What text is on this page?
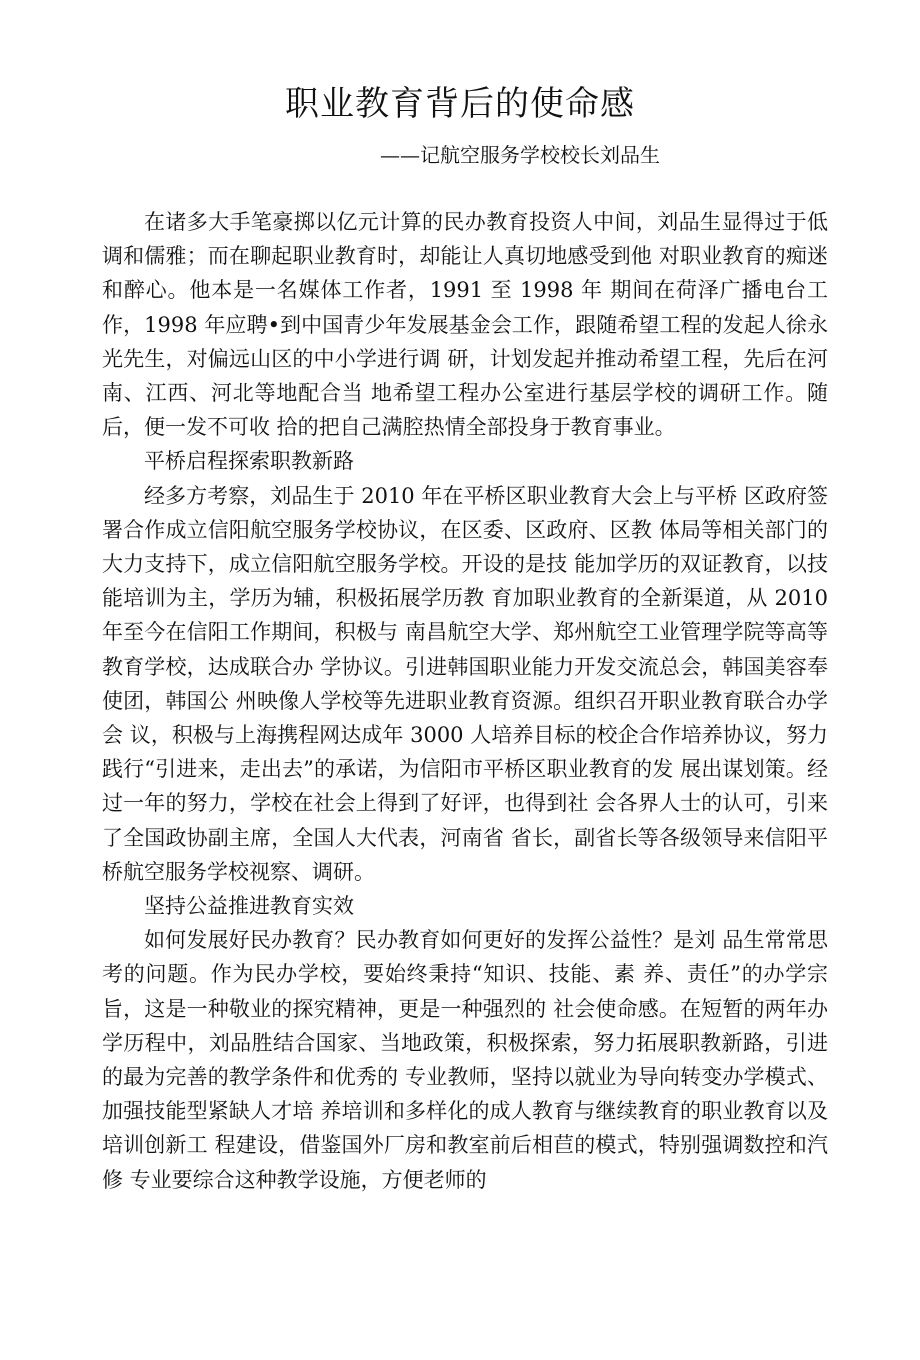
职业教育背后的使命感

——记航空服务学校校长刘品生

在诸多大手笔豪掷以亿元计算的民办教育投资人中间，刘品生显得过于低调和儒雅；而在聊起职业教育时，却能让人真切地感受到他 对职业教育的痴迷和醉心。他本是一名媒体工作者，1991 至 1998 年 期间在荷泽广播电台工作，1998 年应聘•到中国青少年发展基金会工作，跟随希望工程的发起人徐永光先生，对偏远山区的中小学进行调 研，计划发起并推动希望工程，先后在河南、江西、河北等地配合当 地希望工程办公室进行基层学校的调研工作。随后，便一发不可收 拾的把自己满腔热情全部投身于教育事业。

平桥启程探索职教新路

经多方考察，刘品生于 2010 年在平桥区职业教育大会上与平桥 区政府签署合作成立信阳航空服务学校协议，在区委、区政府、区教 体局等相关部门的大力支持下，成立信阳航空服务学校。开设的是技 能加学历的双证教育，以技能培训为主，学历为辅，积极拓展学历教 育加职业教育的全新渠道，从 2010 年至今在信阳工作期间，积极与 南昌航空大学、郑州航空工业管理学院等高等教育学校，达成联合办 学协议。引进韩国职业能力开发交流总会，韩国美容奉使团，韩国公 州映像人学校等先进职业教育资源。组织召开职业教育联合办学会 议，积极与上海携程网达成年 3000 人培养目标的校企合作培养协议，努力践行“引进来，走出去”的承诺，为信阳市平桥区职业教育的发 展出谋划策。经过一年的努力，学校在社会上得到了好评，也得到社 会各界人士的认可，引来了全国政协副主席，全国人大代表，河南省 省长，副省长等各级领导来信阳平桥航空服务学校视察、调研。

坚持公益推进教育实效

如何发展好民办教育？民办教育如何更好的发挥公益性？是刘 品生常常思考的问题。作为民办学校，要始终秉持“知识、技能、素 养、责任”的办学宗旨，这是一种敬业的探究精神，更是一种强烈的 社会使命感。在短暂的两年办学历程中，刘品胜结合国家、当地政策，积极探索，努力拓展职教新路，引进的最为完善的教学条件和优秀的 专业教师，坚持以就业为导向转变办学模式、加强技能型紧缺人才培 养培训和多样化的成人教育与继续教育的职业教育以及培训创新工 程建设，借鉴国外厂房和教室前后相苣的模式，特别强调数控和汽修 专业要综合这种教学设施，方便老师的
